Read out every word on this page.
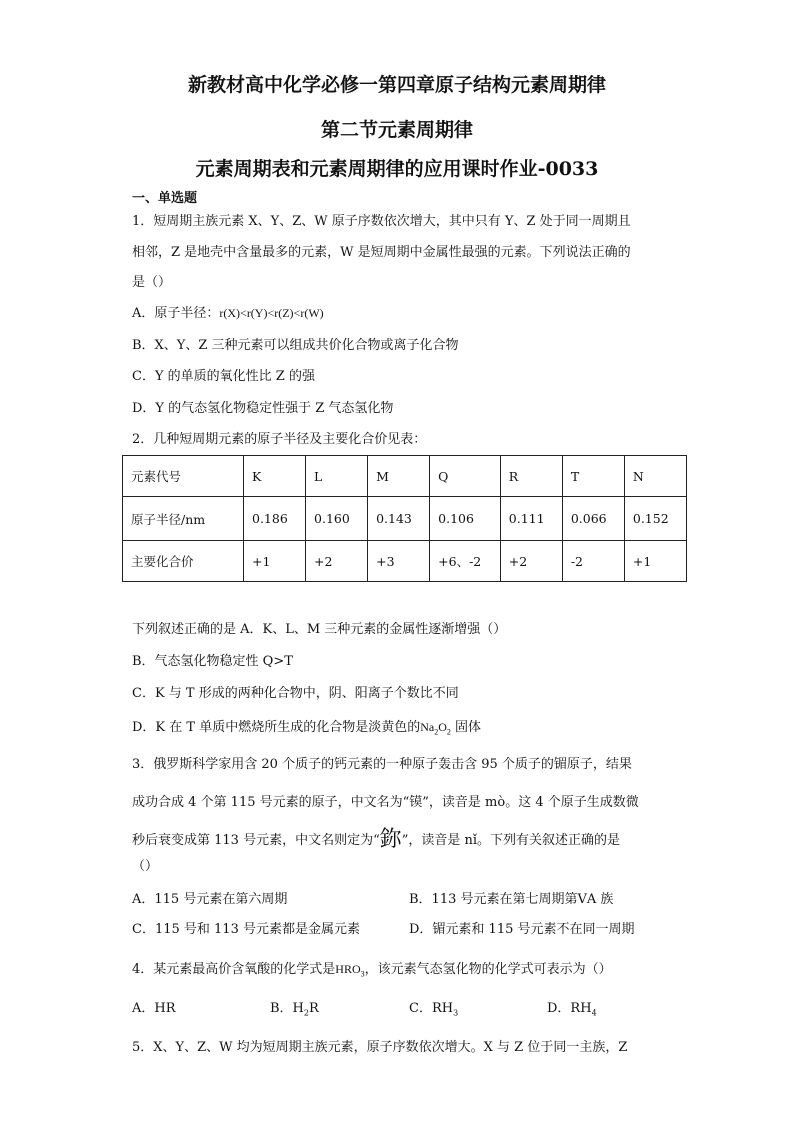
新教材高中化学必修一第四章原子结构元素周期律
第二节元素周期律
元素周期表和元素周期律的应用课时作业-0033
一、单选题
1．短周期主族元素 X、Y、Z、W 原子序数依次增大，其中只有 Y、Z 处于同一周期且
相邻，Z 是地壳中含量最多的元素，W 是短周期中金属性最强的元素。下列说法正确的
是（）
A．原子半径：r(X)<r(Y)<r(Z)<r(W)
B．X、Y、Z 三种元素可以组成共价化合物或离子化合物
C．Y 的单质的氧化性比 Z 的强
D．Y 的气态氢化物稳定性强于 Z 气态氢化物
2．几种短周期元素的原子半径及主要化合价见表：
元素代号	K	L	M	Q	R	T	N
原子半径/nm	0.186	0.160	0.143	0.106	0.111	0.066	0.152
主要化合价	+1	+2	+3	+6、-2	+2	-2	+1
下列叙述正确的是 A．K、L、M 三种元素的金属性逐渐增强（）
B．气态氢化物稳定性 Q>T
C．K 与 T 形成的两种化合物中，阴、阳离子个数比不同
D．K 在 T 单质中燃烧所生成的化合物是淡黄色的$Na_2O_2$ 固体
3．俄罗斯科学家用含 20 个质子的钙元素的一种原子轰击含 95 个质子的镅原子，结果
成功合成 4 个第 115 号元素的原子，中文名为“镆”，读音是 mò。这 4 个原子生成数微
秒后衰变成第 113 号元素，中文名则定为“鉨”，读音是 nǐ。下列有关叙述正确的是
（）
A．115 号元素在第六周期	B．113 号元素在第七周期第ⅤA 族
C．115 号和 113 号元素都是金属元素	D．镅元素和 115 号元素不在同一周期
4．某元素最高价含氧酸的化学式是$HRO_3$，该元素气态氢化物的化学式可表示为（）
A．HR	B．$H_2R$	C．$RH_3$	D．$RH_4$
5．X、Y、Z、W 均为短周期主族元素，原子序数依次增大。X 与 Z 位于同一主族，Z
